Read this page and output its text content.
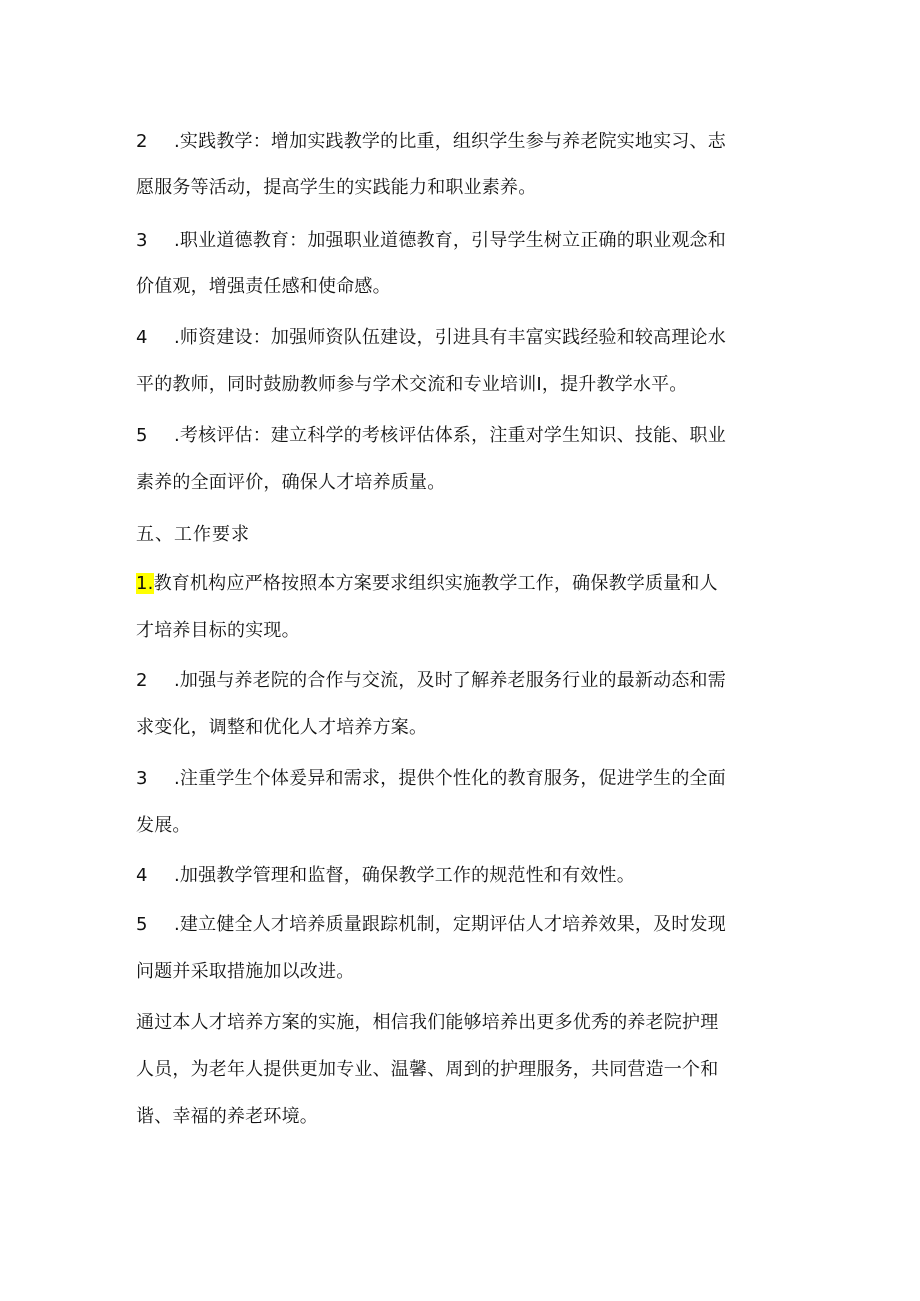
2 .实践教学：增加实践教学的比重，组织学生参与养老院实地实习、志
愿服务等活动，提高学生的实践能力和职业素养。
3 .职业道德教育：加强职业道德教育，引导学生树立正确的职业观念和
价值观，增强责任感和使命感。
4 .师资建设：加强师资队伍建设，引进具有丰富实践经验和较高理论水
平的教师，同时鼓励教师参与学术交流和专业培训I，提升教学水平。
5 .考核评估：建立科学的考核评估体系，注重对学生知识、技能、职业
素养的全面评价，确保人才培养质量。
五、工作要求
1.教育机构应严格按照本方案要求组织实施教学工作，确保教学质量和人
才培养目标的实现。
2 .加强与养老院的合作与交流，及时了解养老服务行业的最新动态和需
求变化，调整和优化人才培养方案。
3 .注重学生个体爰异和需求，提供个性化的教育服务，促进学生的全面
发展。
4 .加强教学管理和监督，确保教学工作的规范性和有效性。
5 .建立健全人才培养质量跟踪机制，定期评估人才培养效果，及时发现
问题并采取措施加以改进。
通过本人才培养方案的实施，相信我们能够培养出更多优秀的养老院护理
人员，为老年人提供更加专业、温馨、周到的护理服务，共同营造一个和
谐、幸福的养老环境。
